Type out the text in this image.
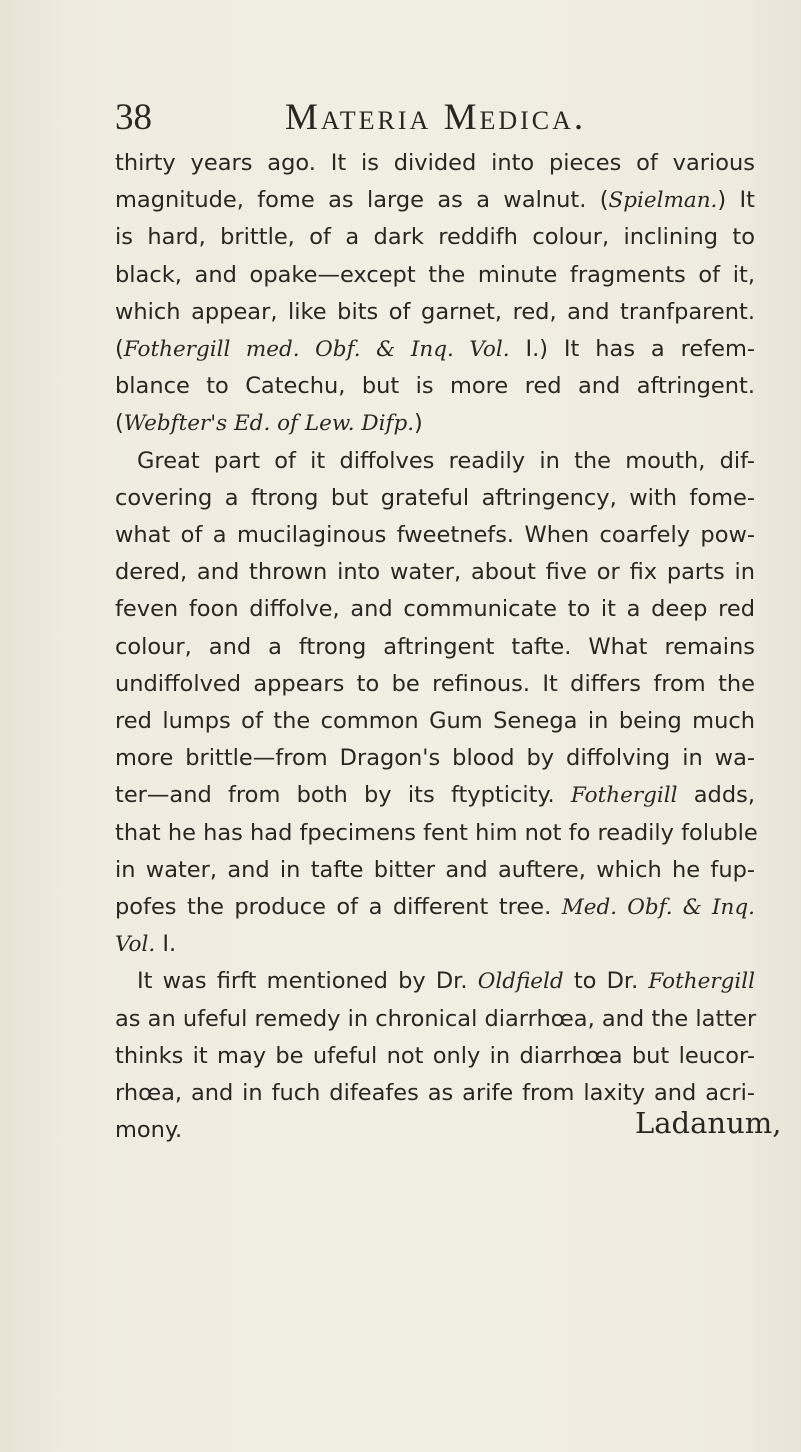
38	Materia Medica.
thirty years ago. It is divided into pieces of various
magnitude, fome as large as a walnut. (Spielman.) It
is hard, brittle, of a dark reddifh colour, inclining to
black, and opake—except the minute fragments of it,
which appear, like bits of garnet, red, and tranfparent.
(Fothergill med. Obf. & Inq. Vol. I.) It has a refem-
blance to Catechu, but is more red and aftringent.
(Webfter's Ed. of Lew. Difp.)
Great part of it diffolves readily in the mouth, dif-
covering a ftrong but grateful aftringency, with fome-
what of a mucilaginous fweetnefs. When coarfely pow-
dered, and thrown into water, about five or fix parts in
feven foon diffolve, and communicate to it a deep red
colour, and a ftrong aftringent tafte. What remains
undiffolved appears to be refinous. It differs from the
red lumps of the common Gum Senega in being much
more brittle—from Dragon's blood by diffolving in wa-
ter—and from both by its ftypticity. Fothergill adds,
that he has had fpecimens fent him not fo readily foluble
in water, and in tafte bitter and auftere, which he fup-
pofes the produce of a different tree. Med. Obf. & Inq.
Vol. I.
It was firft mentioned by Dr. Oldfield to Dr. Fothergill
as an ufeful remedy in chronical diarrhœa, and the latter
thinks it may be ufeful not only in diarrhœa but leucor-
rhœa, and in fuch difeafes as arife from laxity and acri-
mony.	Ladanum,
